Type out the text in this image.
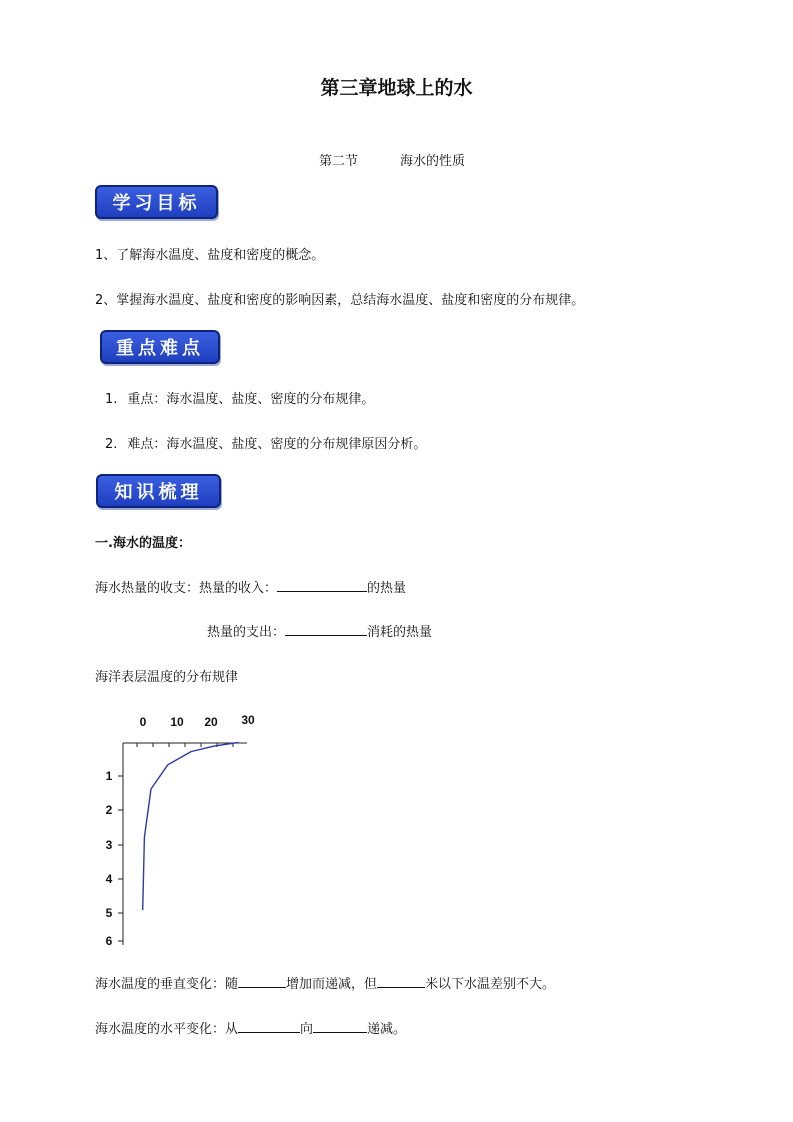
第三章地球上的水
第二节	海水的性质
学习目标
1、了解海水温度、盐度和密度的概念。
2、掌握海水温度、盐度和密度的影响因素，总结海水温度、盐度和密度的分布规律。
重点难点
1. 重点：海水温度、盐度、密度的分布规律。
2. 难点：海水温度、盐度、密度的分布规律原因分析。
知识梳理
一.海水的温度：
海水热量的收支：热量的收入：	的热量
热量的支出：	消耗的热量
海洋表层温度的分布规律
0 10 20 30
1
2
3
4
5
6
海水温度的垂直变化：随	增加而递减，但	米以下水温差别不大。
海水温度的水平变化：从	向	递减。
